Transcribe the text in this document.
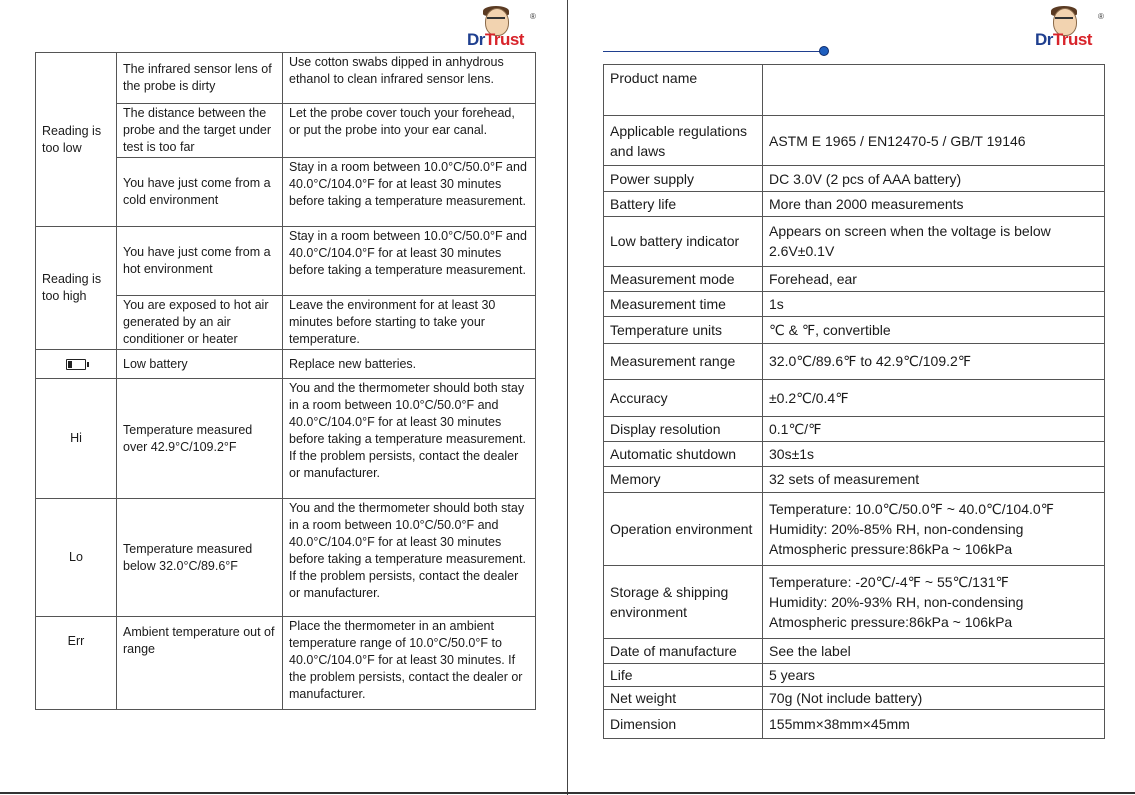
DrTrust
®
DrTrust
®
Reading is too low	The infrared sensor lens of the probe is dirty	Use cotton swabs dipped in anhydrous ethanol to clean infrared sensor lens.
	The distance between the probe and the target under test is too far	Let the probe cover touch your forehead, or put the probe into your ear canal.
	You have just come from a cold environment	Stay in a room between 10.0°C/50.0°F and 40.0°C/104.0°F for at least 30 minutes before taking a temperature measurement.
Reading is too high	You have just come from a hot environment	Stay in a room between 10.0°C/50.0°F and 40.0°C/104.0°F for at least 30 minutes before taking a temperature measurement.
	You are exposed to hot air generated by an air conditioner or heater	Leave the environment for at least 30 minutes before starting to take your temperature.
	Low battery	Replace new batteries.
Hi	Temperature measured over 42.9°C/109.2°F	You and the thermometer should both stay in a room between 10.0°C/50.0°F and 40.0°C/104.0°F for at least 30 minutes before taking a temperature measurement. If the problem persists, contact the dealer or manufacturer.
Lo	Temperature measured below 32.0°C/89.6°F	You and the thermometer should both stay in a room between 10.0°C/50.0°F and 40.0°C/104.0°F for at least 30 minutes before taking a temperature measurement. If the problem persists, contact the dealer or manufacturer.
Err	Ambient temperature out of range	Place the thermometer in an ambient temperature range of 10.0°C/50.0°F to 40.0°C/104.0°F for at least 30 minutes. If the problem persists, contact the dealer or manufacturer.
Product name	
Applicable regulations and laws	ASTM E 1965 / EN12470-5 / GB/T 19146
Power supply	DC 3.0V (2 pcs of AAA battery)
Battery life	More than 2000 measurements
Low battery indicator	Appears on screen when the voltage is below 2.6V±0.1V
Measurement mode	Forehead, ear
Measurement time	1s
Temperature units	℃ & ℉, convertible
Measurement range	32.0℃/89.6℉ to 42.9℃/109.2℉
Accuracy	±0.2℃/0.4℉
Display resolution	0.1℃/℉
Automatic shutdown	30s±1s
Memory	32 sets of measurement
Operation environment	Temperature: 10.0℃/50.0℉ ~ 40.0℃/104.0℉
Humidity: 20%-85% RH, non-condensing
Atmospheric pressure:86kPa ~ 106kPa

Storage & shipping environment	Temperature: -20℃/-4℉ ~ 55℃/131℉
Humidity: 20%-93% RH, non-condensing
Atmospheric pressure:86kPa ~ 106kPa

Date of manufacture	See the label
Life	5 years
Net weight	70g (Not include battery)
Dimension	155mm×38mm×45mm
